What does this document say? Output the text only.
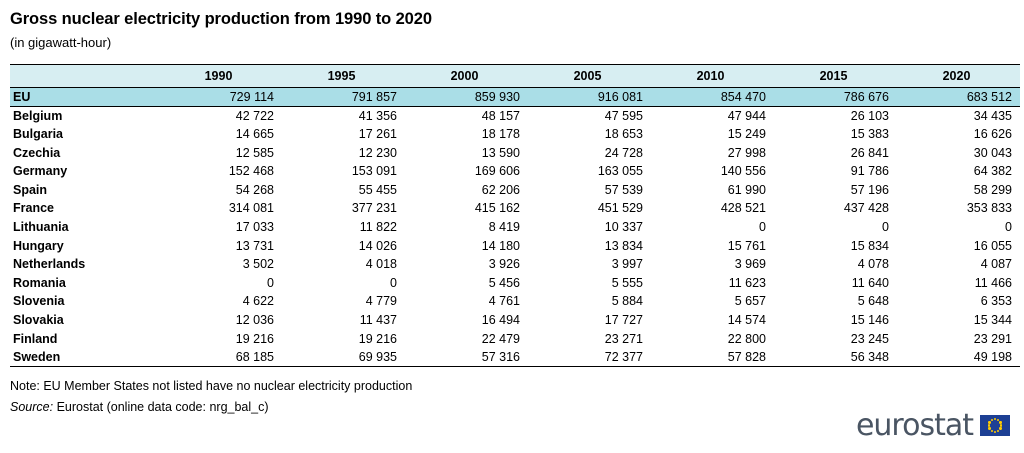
Gross nuclear electricity production from 1990 to 2020
(in gigawatt-hour)
	1990	1995	2000	2005	2010	2015	2020
EU	729 114	791 857	859 930	916 081	854 470	786 676	683 512
Belgium	42 722	41 356	48 157	47 595	47 944	26 103	34 435
Bulgaria	14 665	17 261	18 178	18 653	15 249	15 383	16 626
Czechia	12 585	12 230	13 590	24 728	27 998	26 841	30 043
Germany	152 468	153 091	169 606	163 055	140 556	91 786	64 382
Spain	54 268	55 455	62 206	57 539	61 990	57 196	58 299
France	314 081	377 231	415 162	451 529	428 521	437 428	353 833
Lithuania	17 033	11 822	8 419	10 337	0	0	0
Hungary	13 731	14 026	14 180	13 834	15 761	15 834	16 055
Netherlands	3 502	4 018	3 926	3 997	3 969	4 078	4 087
Romania	0	0	5 456	5 555	11 623	11 640	11 466
Slovenia	4 622	4 779	4 761	5 884	5 657	5 648	6 353
Slovakia	12 036	11 437	16 494	17 727	14 574	15 146	15 344
Finland	19 216	19 216	22 479	23 271	22 800	23 245	23 291
Sweden	68 185	69 935	57 316	72 377	57 828	56 348	49 198
Note: EU Member States not listed have no nuclear electricity production
Source: Eurostat (online data code: nrg_bal_c)
eurostat
